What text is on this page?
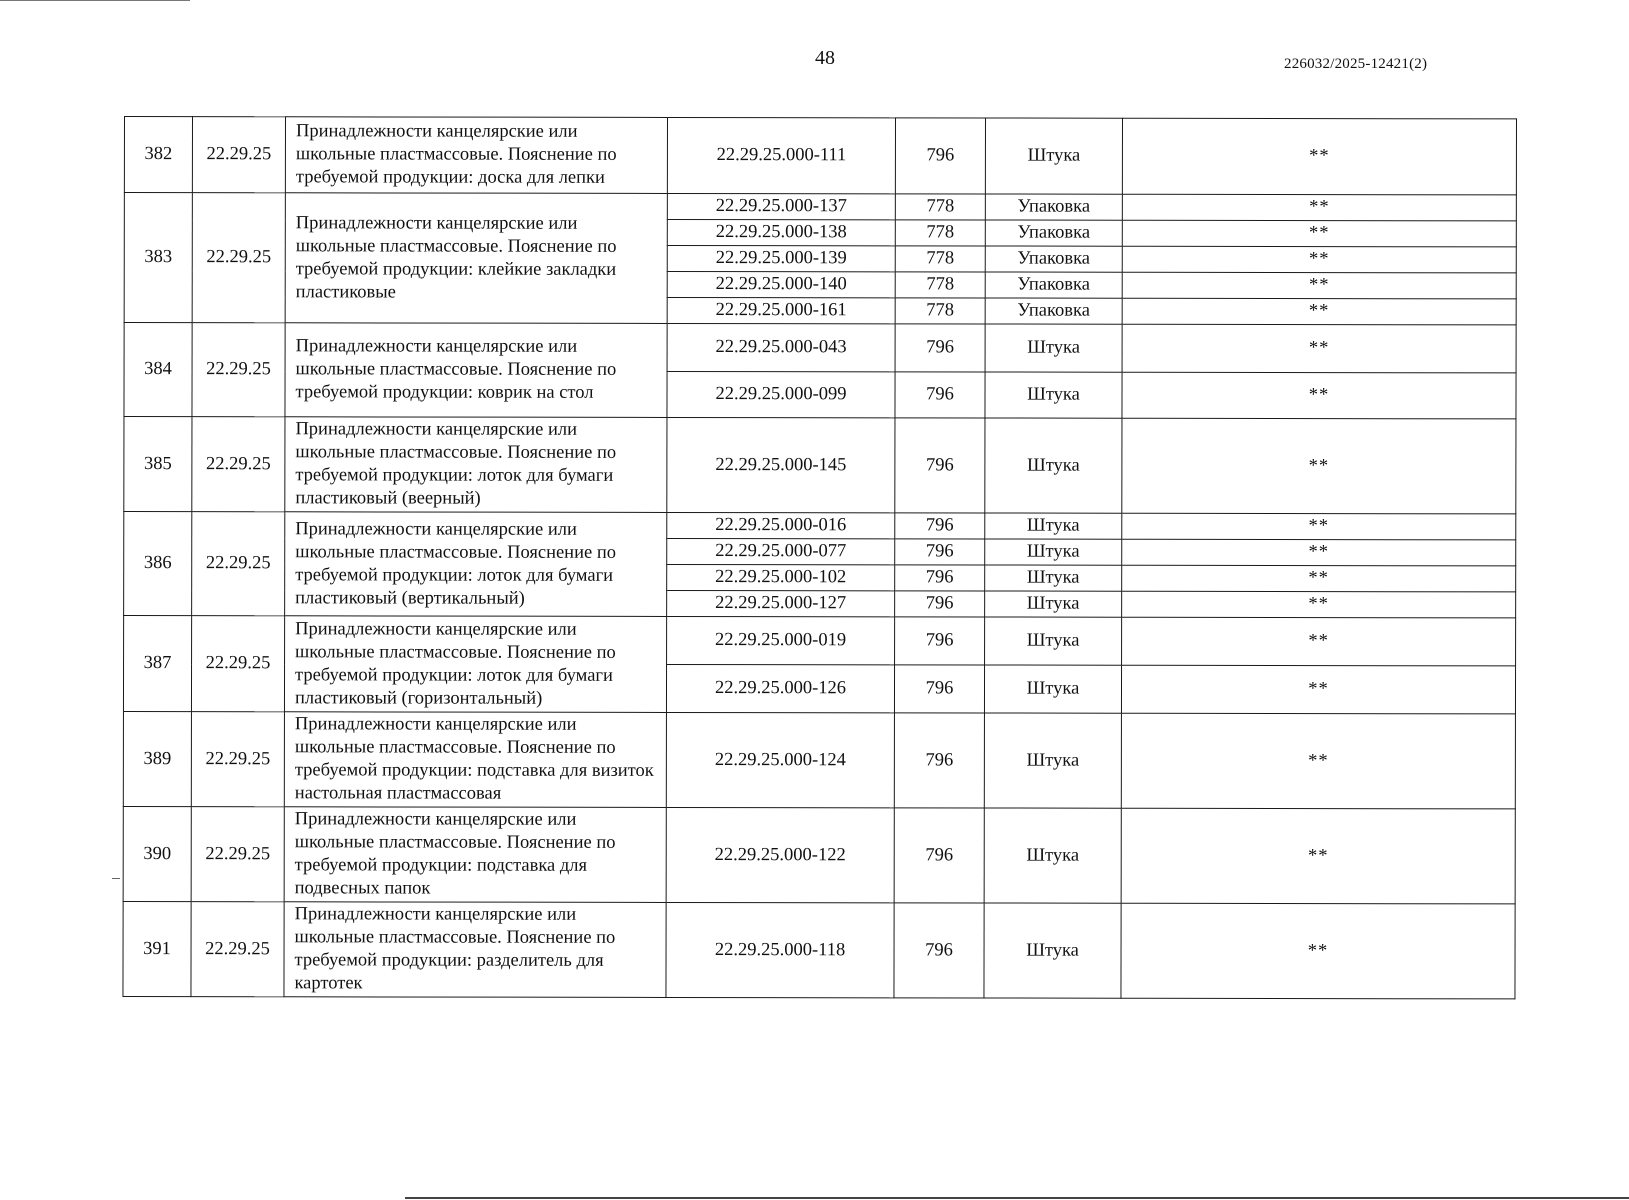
48	226032/2025-12421(2)
382	22.29.25	Принадлежности канцелярские или школьные пластмассовые. Пояснение по требуемой продукции: доска для лепки	22.29.25.000-111	796	Штука	**
383	22.29.25	Принадлежности канцелярские или школьные пластмассовые. Пояснение по требуемой продукции: клейкие закладки пластиковые	22.29.25.000-137	778	Упаковка	**
			22.29.25.000-138	778	Упаковка	**
			22.29.25.000-139	778	Упаковка	**
			22.29.25.000-140	778	Упаковка	**
			22.29.25.000-161	778	Упаковка	**
384	22.29.25	Принадлежности канцелярские или школьные пластмассовые. Пояснение по требуемой продукции: коврик на стол	22.29.25.000-043	796	Штука	**
			22.29.25.000-099	796	Штука	**
385	22.29.25	Принадлежности канцелярские или школьные пластмассовые. Пояснение по требуемой продукции: лоток для бумаги пластиковый (веерный)	22.29.25.000-145	796	Штука	**
386	22.29.25	Принадлежности канцелярские или школьные пластмассовые. Пояснение по требуемой продукции: лоток для бумаги пластиковый (вертикальный)	22.29.25.000-016	796	Штука	**
			22.29.25.000-077	796	Штука	**
			22.29.25.000-102	796	Штука	**
			22.29.25.000-127	796	Штука	**
387	22.29.25	Принадлежности канцелярские или школьные пластмассовые. Пояснение по требуемой продукции: лоток для бумаги пластиковый (горизонтальный)	22.29.25.000-019	796	Штука	**
			22.29.25.000-126	796	Штука	**
389	22.29.25	Принадлежности канцелярские или школьные пластмассовые. Пояснение по требуемой продукции: подставка для визиток настольная пластмассовая	22.29.25.000-124	796	Штука	**
390	22.29.25	Принадлежности канцелярские или школьные пластмассовые. Пояснение по требуемой продукции: подставка для подвесных папок	22.29.25.000-122	796	Штука	**
391	22.29.25	Принадлежности канцелярские или школьные пластмассовые. Пояснение по требуемой продукции: разделитель для картотек	22.29.25.000-118	796	Штука	**
